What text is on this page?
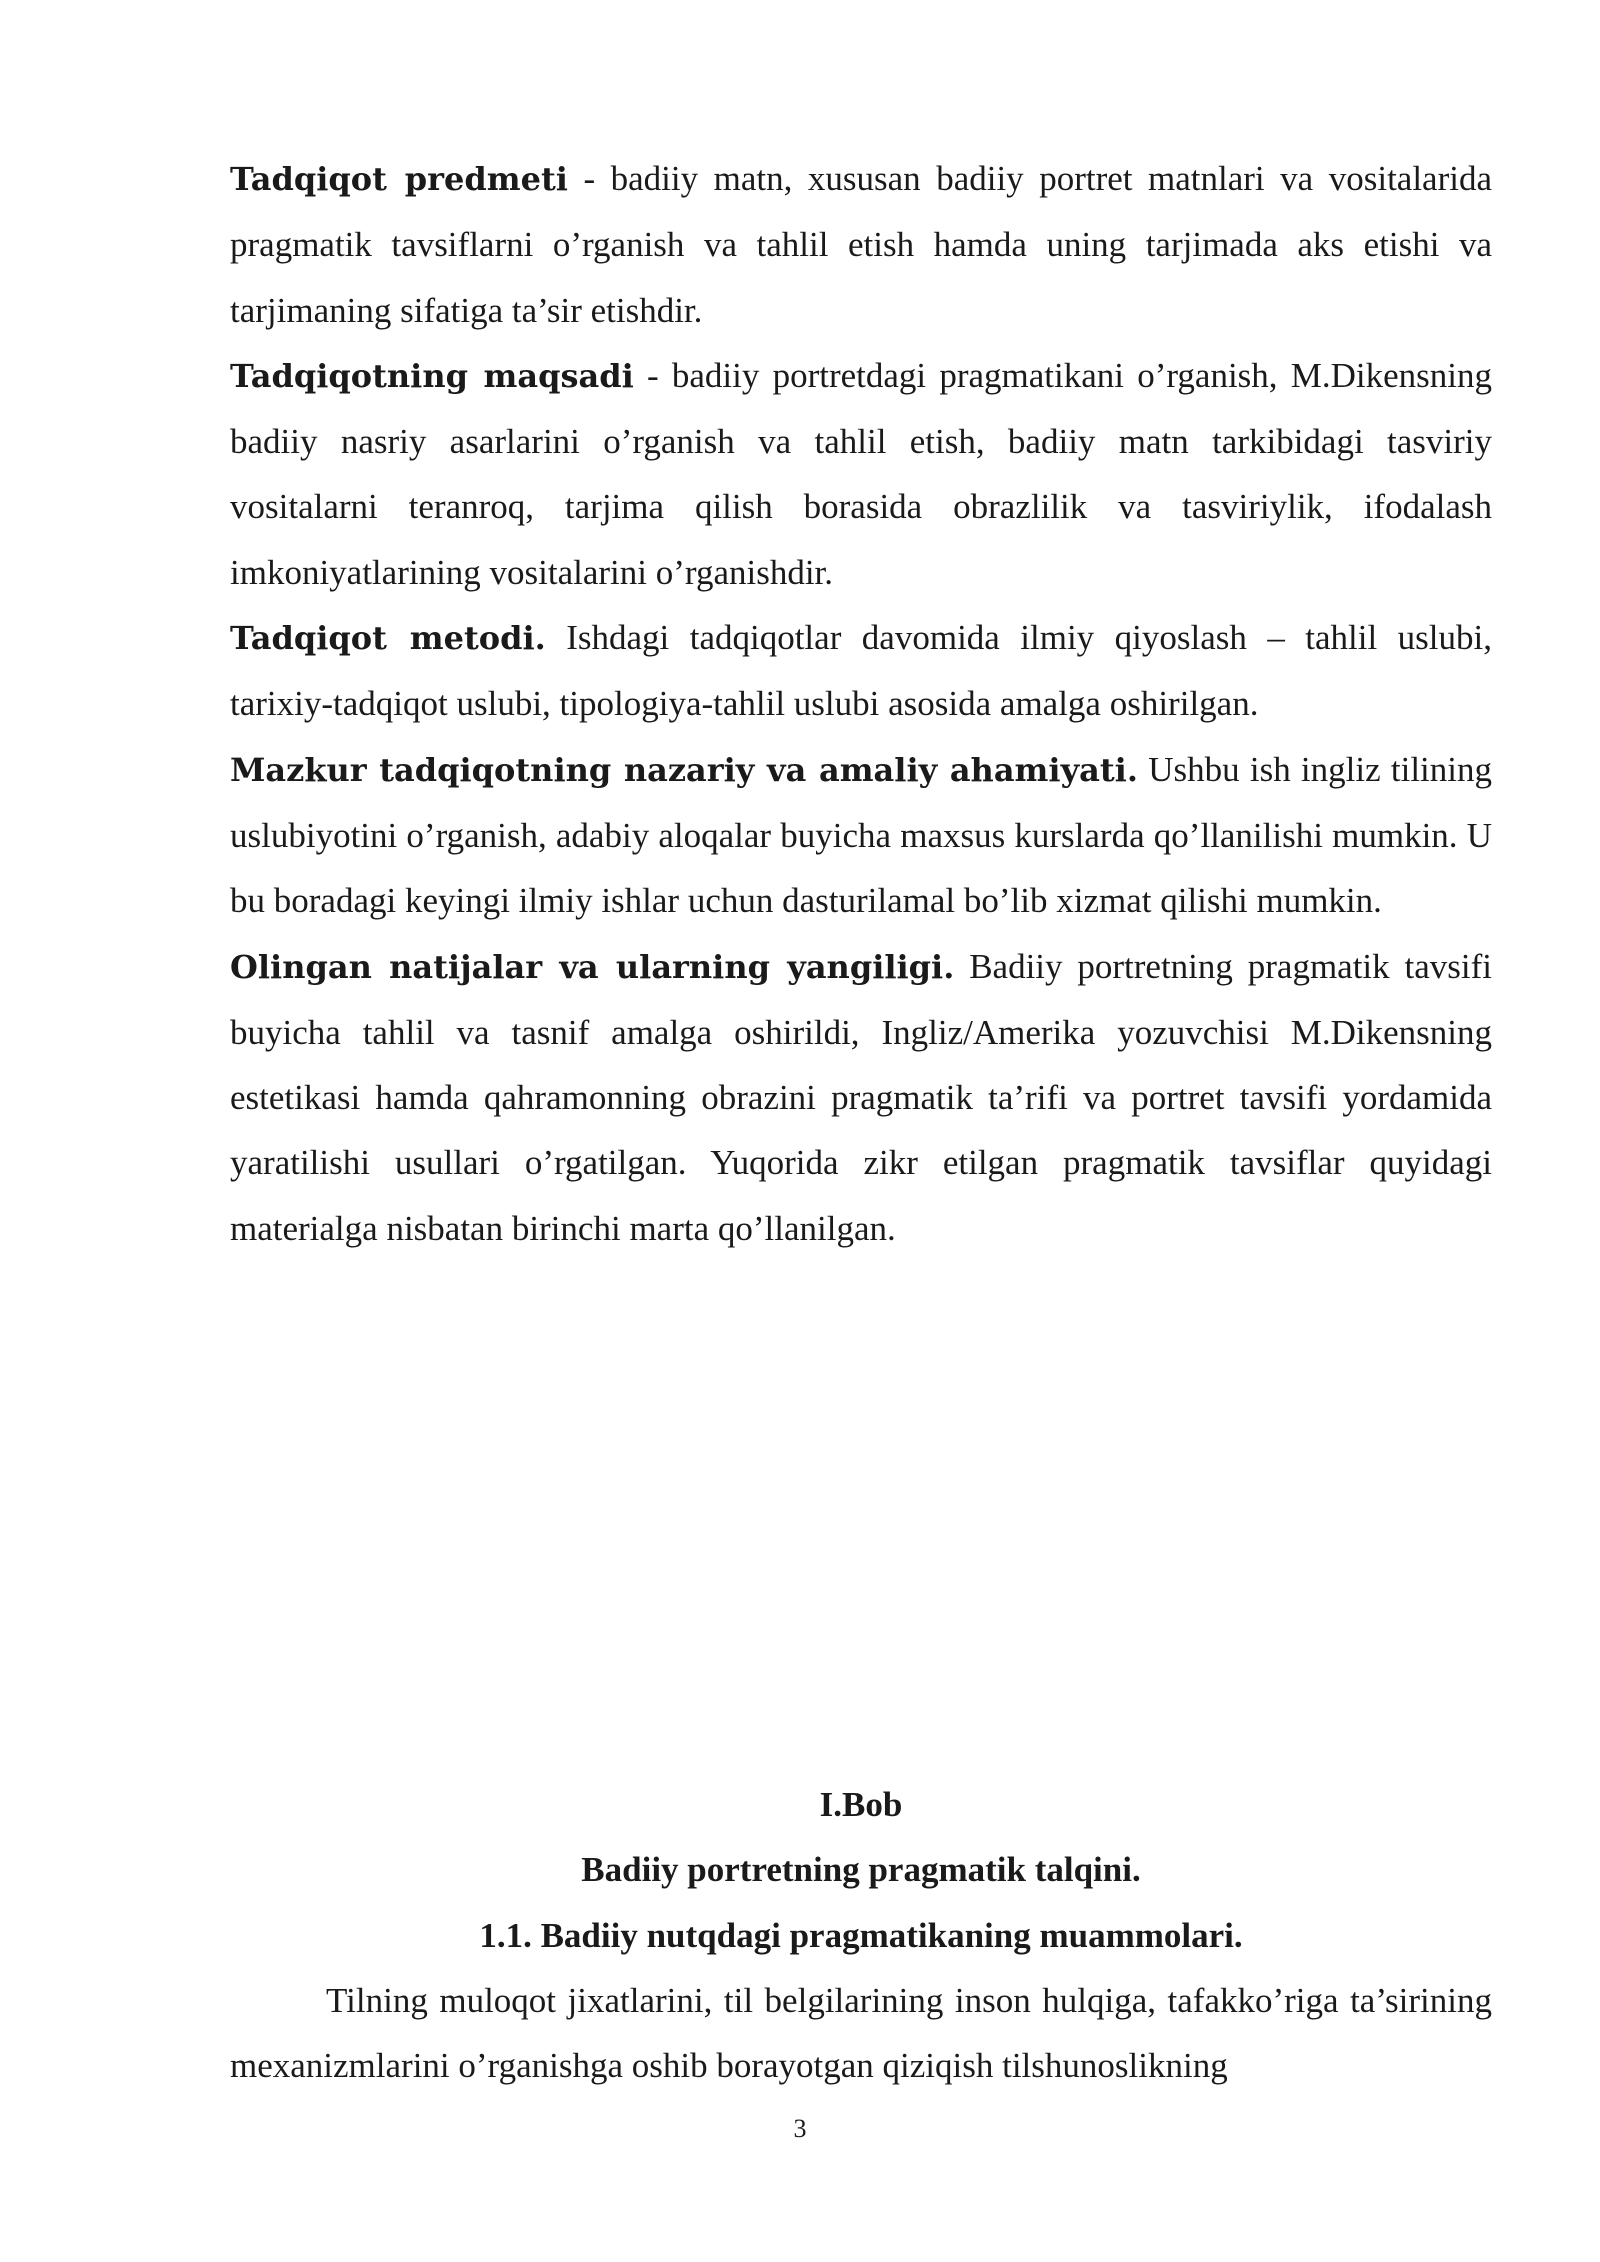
Tadqiqot predmeti - badiiy matn, xususan badiiy portret matnlari va vositalarida pragmatik tavsiflarni o’rganish va tahlil etish hamda uning tarjimada aks etishi va tarjimaning sifatiga ta’sir etishdir.

Tadqiqotning maqsadi - badiiy portretdagi pragmatikani o’rganish, M.Dikensning badiiy nasriy asarlarini o’rganish va tahlil etish, badiiy matn tarkibidagi tasviriy vositalarni teranroq, tarjima qilish borasida obrazlilik va tasviriylik, ifodalash imkoniyatlarining vositalarini o’rganishdir.

Tadqiqot metodi. Ishdagi tadqiqotlar davomida ilmiy qiyoslash – tahlil uslubi, tarixiy-tadqiqot uslubi, tipologiya-tahlil uslubi asosida amalga oshirilgan.

Mazkur tadqiqotning nazariy va amaliy ahamiyati. Ushbu ish ingliz tilining uslubiyotini o’rganish, adabiy aloqalar buyicha maxsus kurslarda qo’llanilishi mumkin. U bu boradagi keyingi ilmiy ishlar uchun dasturilamal bo’lib xizmat qilishi mumkin.

Olingan natijalar va ularning yangiligi. Badiiy portretning pragmatik tavsifi buyicha tahlil va tasnif amalga oshirildi, Ingliz/Amerika yozuvchisi M.Dikensning estetikasi hamda qahramonning obrazini pragmatik ta’rifi va portret tavsifi yordamida yaratilishi usullari o’rgatilgan. Yuqorida zikr etilgan pragmatik tavsiflar quyidagi materialga nisbatan birinchi marta qo’llanilgan.

I.Bob

Badiiy portretning pragmatik talqini.

1.1. Badiiy nutqdagi pragmatikaning muammolari.

Tilning muloqot jixatlarini, til belgilarining inson hulqiga, tafakko’riga ta’sirining mexanizmlarini o’rganishga oshib borayotgan qiziqish tilshunoslikning

3
